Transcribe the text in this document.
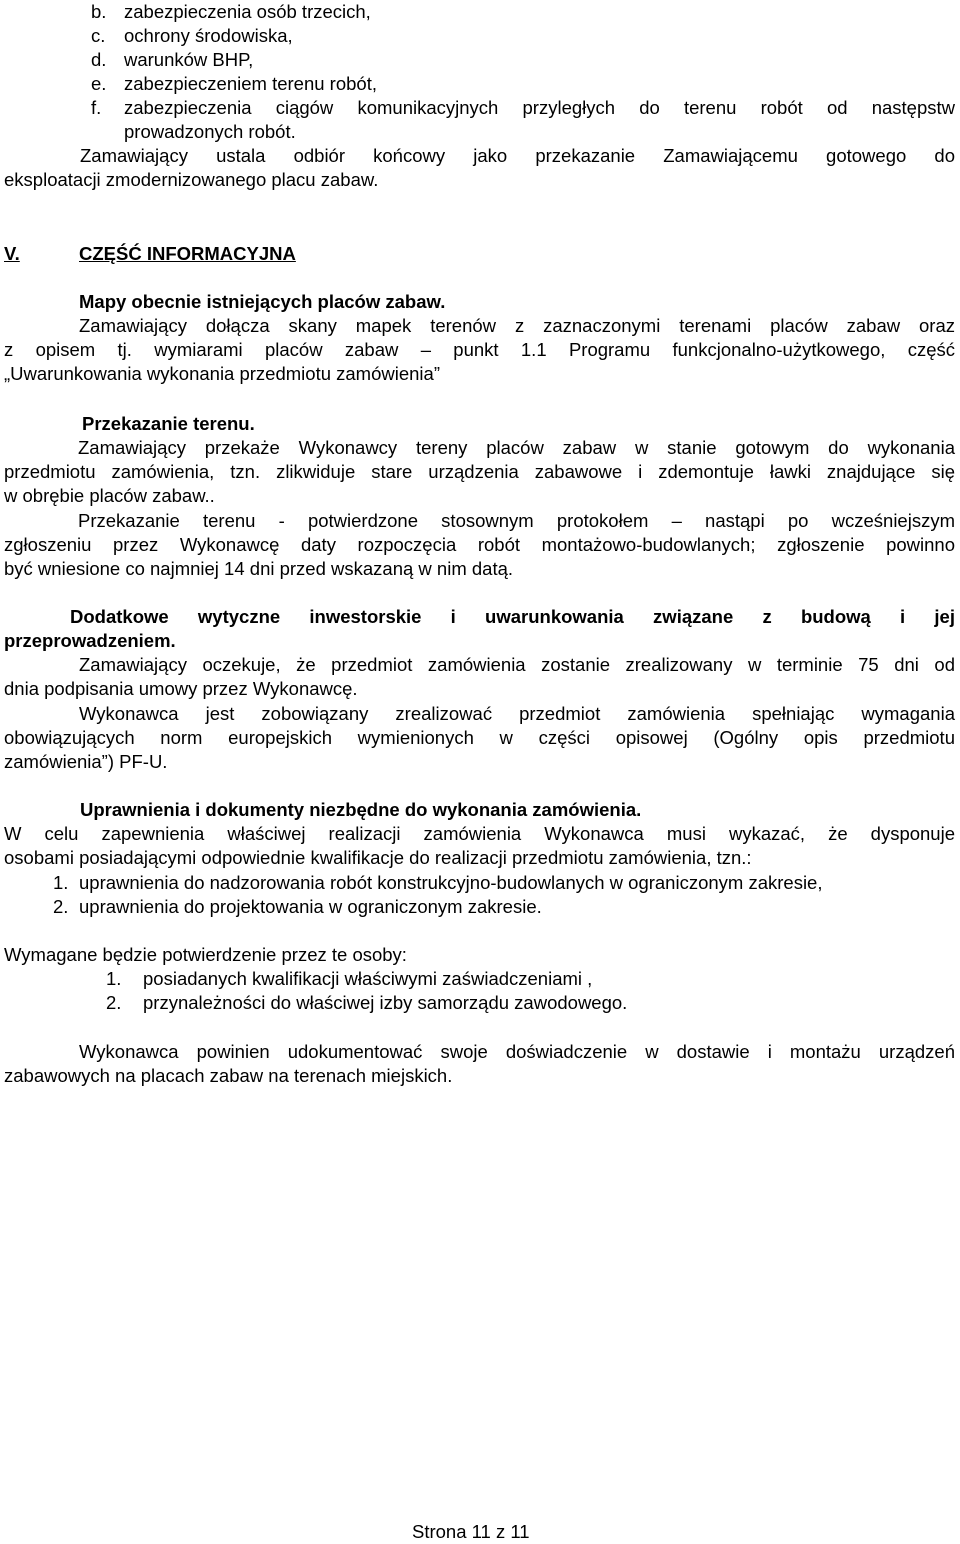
b. zabezpieczenia osób trzecich,
c. ochrony środowiska,
d. warunków BHP,
e. zabezpieczeniem terenu robót,
f.	zabezpieczenia ciągów komunikacyjnych przyległych do terenu robót od następstw
prowadzonych robót.
Zamawiający ustala odbiór końcowy jako przekazanie Zamawiającemu gotowego do
eksploatacji zmodernizowanego placu zabaw.
V.	CZĘŚĆ INFORMACYJNA
Mapy obecnie istniejących placów zabaw.
Zamawiający dołącza skany mapek terenów z zaznaczonymi terenami placów zabaw oraz
z opisem tj. wymiarami placów zabaw – punkt 1.1 Programu funkcjonalno-użytkowego, część
„Uwarunkowania wykonania przedmiotu zamówienia”
Przekazanie terenu.
Zamawiający przekaże Wykonawcy tereny placów zabaw w stanie gotowym do wykonania
przedmiotu zamówienia, tzn. zlikwiduje stare urządzenia zabawowe i zdemontuje ławki znajdujące się
w obrębie placów zabaw..
Przekazanie terenu - potwierdzone stosownym protokołem – nastąpi po wcześniejszym
zgłoszeniu przez Wykonawcę daty rozpoczęcia robót montażowo-budowlanych; zgłoszenie powinno
być wniesione co najmniej 14 dni przed wskazaną w nim datą.
Dodatkowe wytyczne inwestorskie i uwarunkowania związane z budową i jej
przeprowadzeniem.
Zamawiający oczekuje, że przedmiot zamówienia zostanie zrealizowany w terminie 75 dni od
dnia podpisania umowy przez Wykonawcę.
Wykonawca jest zobowiązany zrealizować przedmiot zamówienia spełniając wymagania
obowiązujących norm europejskich wymienionych w części opisowej (Ogólny opis przedmiotu
zamówienia”) PF-U.
Uprawnienia i dokumenty niezbędne do wykonania zamówienia.
W celu zapewnienia właściwej realizacji zamówienia Wykonawca musi wykazać, że dysponuje
osobami posiadającymi odpowiednie kwalifikacje do realizacji przedmiotu zamówienia, tzn.:
1. uprawnienia do nadzorowania robót konstrukcyjno-budowlanych w ograniczonym zakresie,
2. uprawnienia do projektowania w ograniczonym zakresie.
Wymagane będzie potwierdzenie przez te osoby:
1. posiadanych kwalifikacji właściwymi zaświadczeniami ,
2. przynależności do właściwej izby samorządu zawodowego.
Wykonawca powinien udokumentować swoje doświadczenie w dostawie i montażu urządzeń
zabawowych na placach zabaw na terenach miejskich.
Strona 11 z 11
